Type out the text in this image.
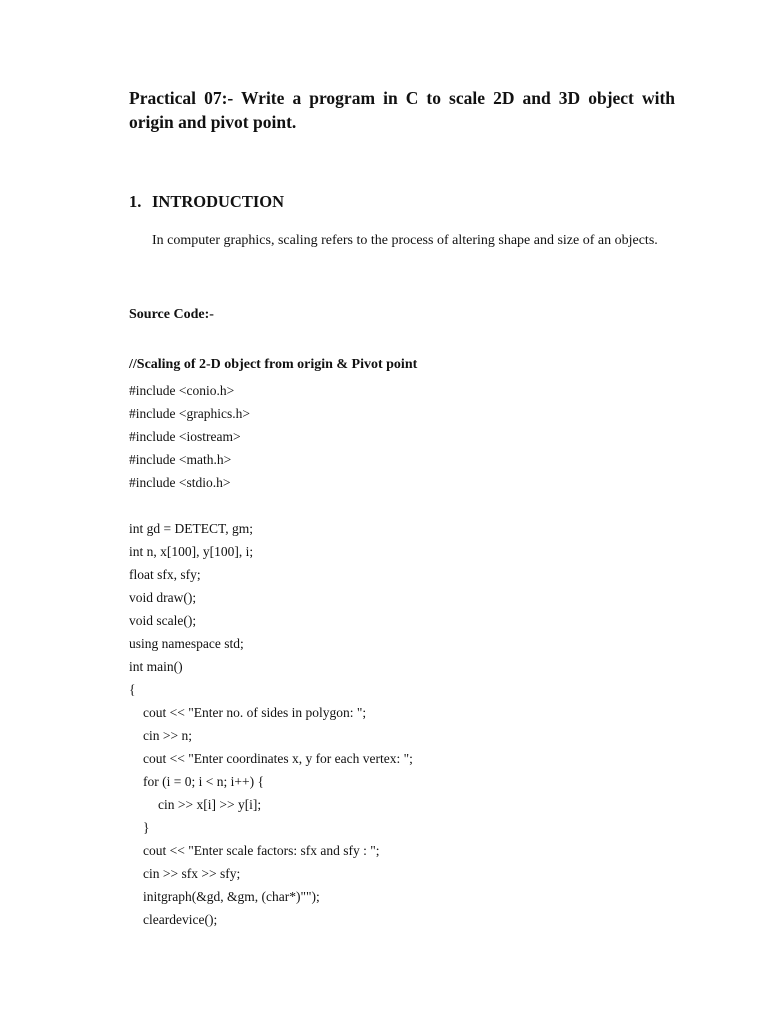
Practical 07:- Write a program in C to scale 2D and 3D object with origin and pivot point.
1. INTRODUCTION
In computer graphics, scaling refers to the process of altering shape and size of an objects.
Source Code:-
//Scaling of 2-D object from origin & Pivot point
#include <conio.h>
#include <graphics.h>
#include <iostream>
#include <math.h>
#include <stdio.h>
int gd = DETECT, gm;
int n, x[100], y[100], i;
float sfx, sfy;
void draw();
void scale();
using namespace std;
int main()
{
cout << "Enter no. of sides in polygon: ";
cin >> n;
cout << "Enter coordinates x, y for each vertex: ";
for (i = 0; i < n; i++) {
cin >> x[i] >> y[i];
}
cout << "Enter scale factors: sfx and sfy : ";
cin >> sfx >> sfy;
initgraph(&gd, &gm, (char*)"");
cleardevice();
